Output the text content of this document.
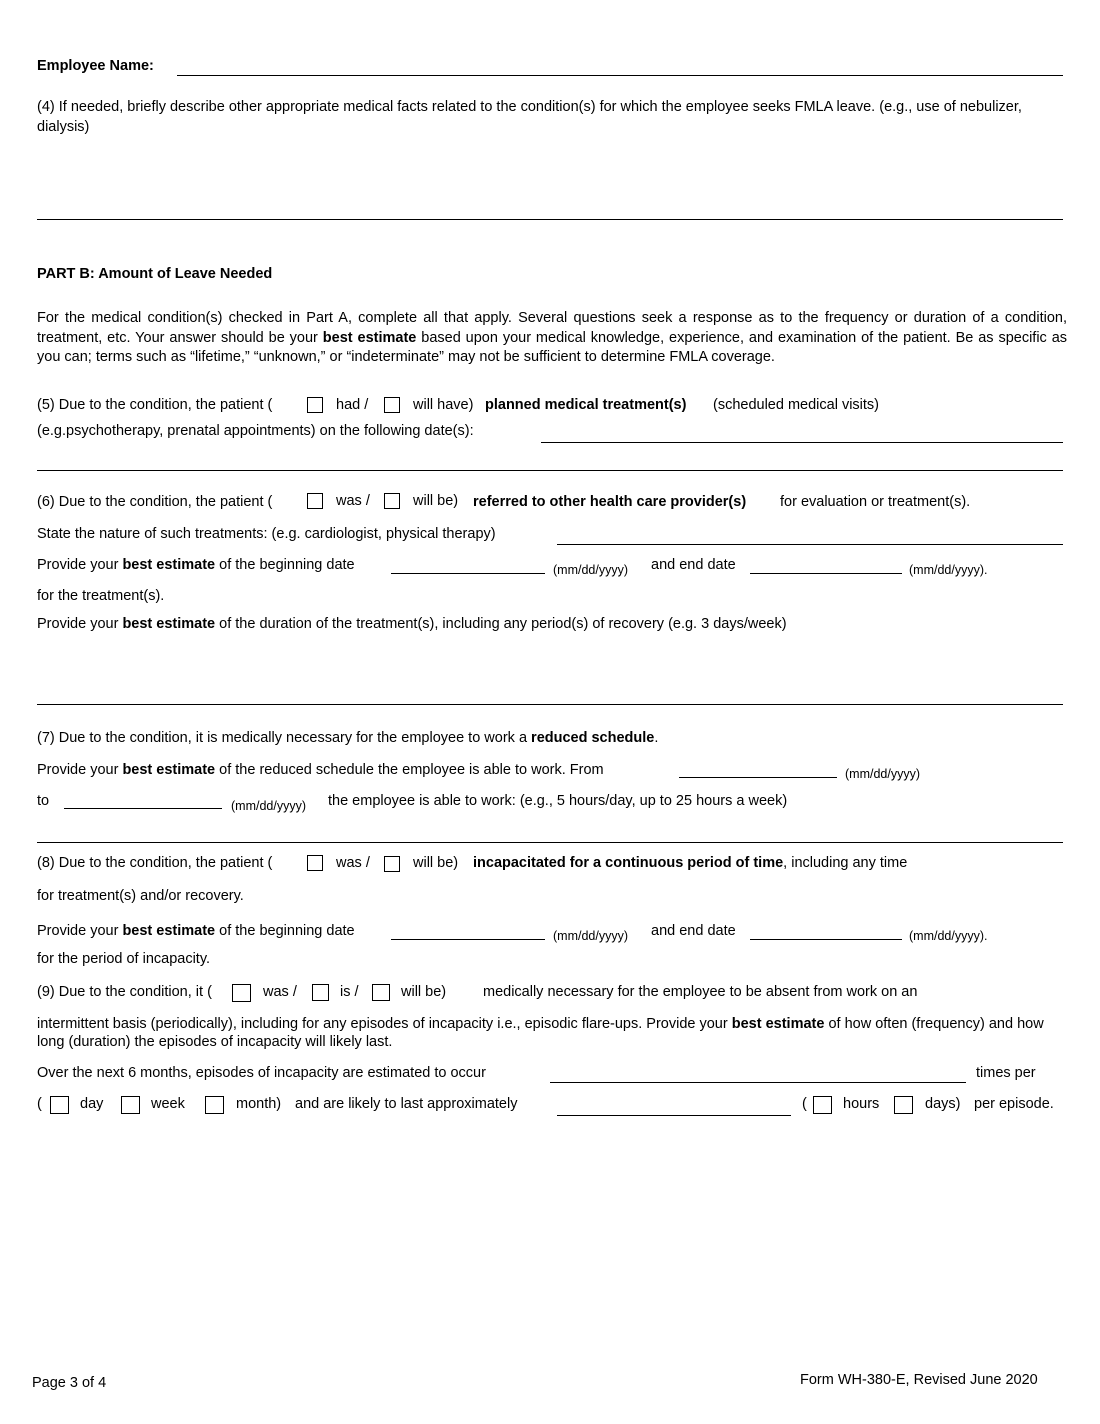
Employee Name:
(4) If needed, briefly describe other appropriate medical facts related to the condition(s) for which the employee seeks FMLA leave. (e.g., use of nebulizer, dialysis)
PART B: Amount of Leave Needed
For the medical condition(s) checked in Part A, complete all that apply. Several questions seek a response as to the frequency or duration of a condition, treatment, etc. Your answer should be your best estimate based upon your medical knowledge, experience, and examination of the patient. Be as specific as you can; terms such as “lifetime,” “unknown,” or “indeterminate” may not be sufficient to determine FMLA coverage.
(5) Due to the condition, the patient (	had /	will have) planned medical treatment(s) (scheduled medical visits)
(e.g.psychotherapy, prenatal appointments) on the following date(s):
(6) Due to the condition, the patient (	was /	will be) referred to other health care provider(s) for evaluation or treatment(s).
State the nature of such treatments: (e.g. cardiologist, physical therapy)
Provide your best estimate of the beginning date	(mm/dd/yyyy) and end date	(mm/dd/yyyy).
for the treatment(s).
Provide your best estimate of the duration of the treatment(s), including any period(s) of recovery (e.g. 3 days/week)
(7) Due to the condition, it is medically necessary for the employee to work a reduced schedule.
Provide your best estimate of the reduced schedule the employee is able to work. From	(mm/dd/yyyy)
to	(mm/dd/yyyy) the employee is able to work: (e.g., 5 hours/day, up to 25 hours a week)
(8) Due to the condition, the patient (	was /	will be) incapacitated for a continuous period of time, including any time
for treatment(s) and/or recovery.
Provide your best estimate of the beginning date	(mm/dd/yyyy) and end date	(mm/dd/yyyy).
for the period of incapacity.
(9) Due to the condition, it (	was /	is /	will be)	medically necessary for the employee to be absent from work on an
intermittent basis (periodically), including for any episodes of incapacity i.e., episodic flare-ups. Provide your best estimate of how often (frequency) and how long (duration) the episodes of incapacity will likely last.
Over the next 6 months, episodes of incapacity are estimated to occur	times per
(	day	week	month) and are likely to last approximately	( hours	days) per episode.
Page 3 of 4	Form WH-380-E, Revised June 2020
